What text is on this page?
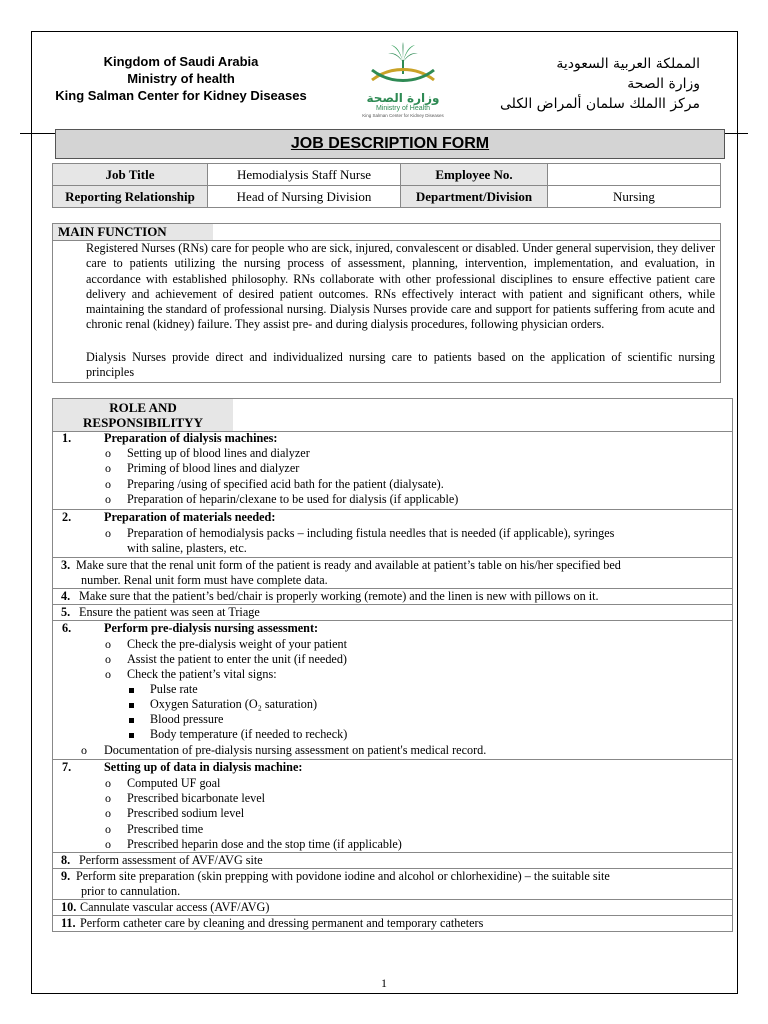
Kingdom of Saudi Arabia
Ministry of health
King Salman Center for Kidney Diseases	وزارة الصحة
Ministry of Health
King Salman Center for Kidney Diseases
المملكة العربية السعودية
وزارة الصحة
مركز االملك سلمان ألمراض الكلى
JOB DESCRIPTION FORM
Job Title	Hemodialysis Staff Nurse	Employee No.	
Reporting Relationship	Head of Nursing Division	Department/Division	Nursing
MAIN FUNCTION
Registered Nurses (RNs) care for people who are sick, injured, convalescent or disabled. Under general supervision, they deliver care to patients utilizing the nursing process of assessment, planning, intervention, implementation, and evaluation, in accordance with established philosophy. RNs collaborate with other professional disciplines to ensure effective patient care delivery and achievement of desired patient outcomes. RNs effectively interact with patient and significant others, while maintaining the standard of professional nursing. Dialysis Nurses provide care and support for patients suffering from acute and chronic renal (kidney) failure. They assist pre- and during dialysis procedures, following physician orders.
Dialysis Nurses provide direct and individualized nursing care to patients based on the application of scientific nursing principles
ROLE AND
RESPONSIBILITYY
1.	Preparation of dialysis machines:
o Setting up of blood lines and dialyzer
o Priming of blood lines and dialyzer
o Preparing /using of specified acid bath for the patient (dialysate).
o Preparation of heparin/clexane to be used for dialysis (if applicable)
2.	Preparation of materials needed:
o Preparation of hemodialysis packs – including fistula needles that is needed (if applicable), syringes
with saline, plasters, etc.
3. Make sure that the renal unit form of the patient is ready and available at patient’s table on his/her specified bed
number. Renal unit form must have complete data.
4. Make sure that the patient’s bed/chair is properly working (remote) and the linen is new with pillows on it.
5. Ensure the patient was seen at Triage
6.	Perform pre-dialysis nursing assessment:
o Check the pre-dialysis weight of your patient
o Assist the patient to enter the unit (if needed)
o Check the patient’s vital signs:
Pulse rate
Oxygen Saturation (O₂ saturation)
Blood pressure
Body temperature (if needed to recheck)
o Documentation of pre-dialysis nursing assessment on patient's medical record.
7.	Setting up of data in dialysis machine:
o Computed UF goal
o Prescribed bicarbonate level
o Prescribed sodium level
o Prescribed time
o Prescribed heparin dose and the stop time (if applicable)
8. Perform assessment of AVF/AVG site
9. Perform site preparation (skin prepping with povidone iodine and alcohol or chlorhexidine) – the suitable site
prior to cannulation.
10. Cannulate vascular access (AVF/AVG)
11. Perform catheter care by cleaning and dressing permanent and temporary catheters
1
